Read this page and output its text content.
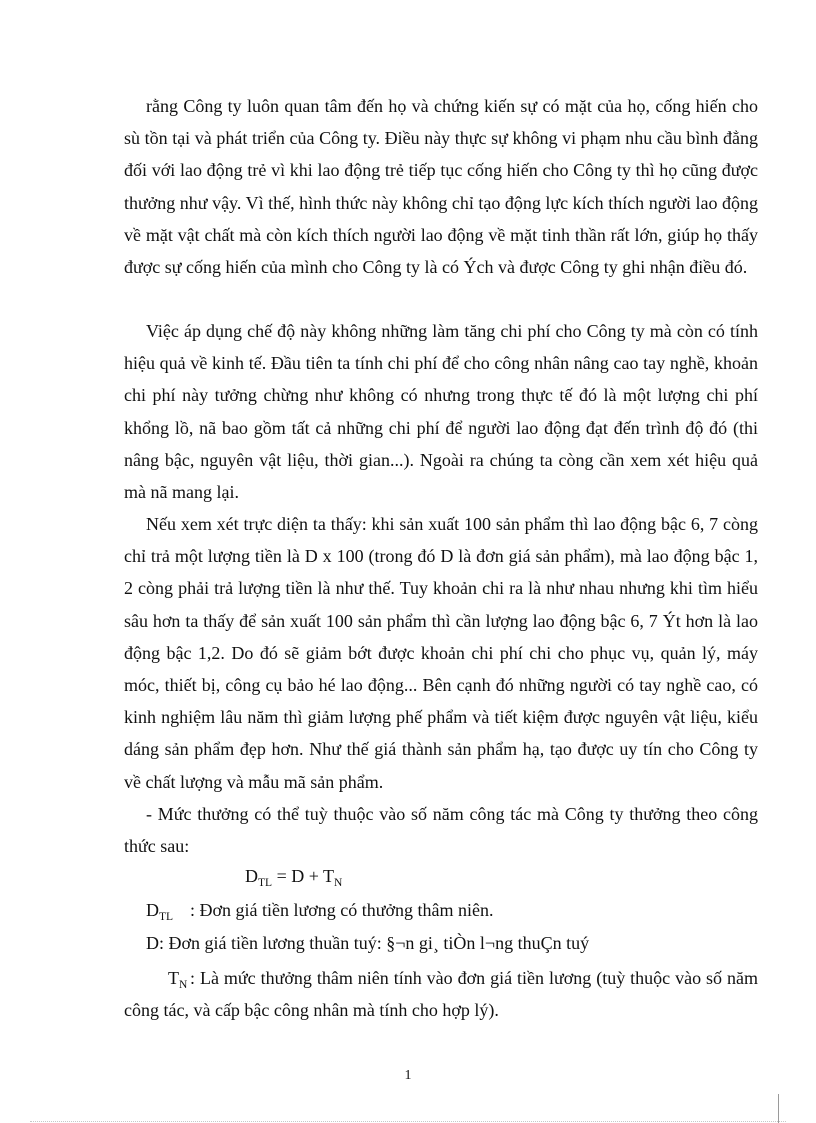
rằng Công ty luôn quan tâm đến họ và chứng kiến sự có mặt của họ, cống hiến cho sù tồn tại và phát triển của Công ty. Điều này thực sự không vi phạm nhu cầu bình đẳng đối với lao động trẻ vì khi lao động trẻ tiếp tục cống hiến cho Công ty thì họ cũng được thưởng như vậy. Vì thế, hình thức này không chỉ tạo động lực kích thích người lao động về mặt vật chất mà còn kích thích người lao động về mặt tinh thần rất lớn, giúp họ thấy được sự cống hiến của mình cho Công ty là có Ých và được Công ty ghi nhận điều đó.

Việc áp dụng chế độ này không những làm tăng chi phí cho Công ty mà còn có tính hiệu quả về kinh tế. Đầu tiên ta tính chi phí để cho công nhân nâng cao tay nghề, khoản chi phí này tưởng chừng như không có nhưng trong thực tế đó là một lượng chi phí khổng lồ, nã bao gồm tất cả những chi phí để người lao động đạt đến trình độ đó (thi nâng bậc, nguyên vật liệu, thời gian...). Ngoài ra chúng ta còng cần xem xét hiệu quả mà nã mang lại.

Nếu xem xét trực diện ta thấy: khi sản xuất 100 sản phẩm thì lao động bậc 6, 7 còng chỉ trả một lượng tiền là D x 100 (trong đó D là đơn giá sản phẩm), mà lao động bậc 1, 2 còng phải trả lượng tiền là như thế. Tuy khoản chi ra là như nhau nhưng khi tìm hiểu sâu hơn ta thấy để sản xuất 100 sản phẩm thì cần lượng lao động bậc 6, 7 Ýt hơn là lao động bậc 1,2. Do đó sẽ giảm bớt được khoản chi phí chi cho phục vụ, quản lý, máy móc, thiết bị, công cụ bảo hé lao động... Bên cạnh đó những người có tay nghề cao, có kinh nghiệm lâu năm thì giảm lượng phế phẩm và tiết kiệm được nguyên vật liệu, kiểu dáng sản phẩm đẹp hơn. Như thế giá thành sản phẩm hạ, tạo được uy tín cho Công ty về chất lượng và mẫu mã sản phẩm.

- Mức thưởng có thể tuỳ thuộc vào số năm công tác mà Công ty thưởng theo công thức sau:

$D_{TL} = D + T_N$

$D_{TL}$ : Đơn giá tiền lương có thưởng thâm niên.

D: Đơn giá tiền lương thuần tuý: §¬n gi¸ tiÒn l¬ng thuÇn tuý

$T_N$ : Là mức thưởng thâm niên tính vào đơn giá tiền lương (tuỳ thuộc vào số năm công tác, và cấp bậc công nhân mà tính cho hợp lý).

1
